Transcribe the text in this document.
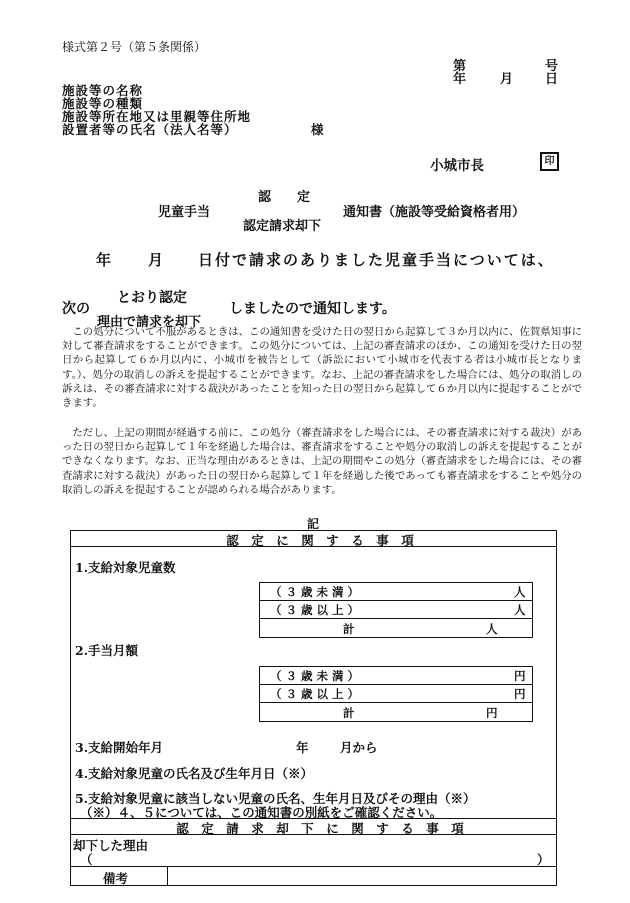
様式第２号（第５条関係）
第	号
年	月 日
施設等の名称
施設等の種類
施設等所在地又は里親等住所地
設置者等の氏名（法人名等）	様
小城市長	印
認　　定
児童手当	通知書（施設等受給資格者用）
認定請求却下
年 月 日付で請求のありました児童手当については、
とおり認定
次の	しましたので通知します。
理由で請求を却下

この処分について不服があるときは、この通知書を受けた日の翌日から起算して３か月以内に、佐賀県知事に対して審査請求をすることができます。この処分については、上記の審査請求のほか、この通知を受けた日の翌日から起算して６か月以内に、小城市を被告として（訴訟において小城市を代表する者は小城市長となります。）、処分の取消しの訴えを提起することができます。なお、上記の審査請求をした場合には、処分の取消しの訴えは、その審査請求に対する裁決があったことを知った日の翌日から起算して６か月以内に提起することができます。

ただし、上記の期間が経過する前に、この処分（審査請求をした場合には、その審査請求に対する裁決）があった日の翌日から起算して１年を経過した場合は、審査請求をすることや処分の取消しの訴えを提起することができなくなります。なお、正当な理由があるときは、上記の期間やこの処分（審査請求をした場合には、その審査請求に対する裁決）があった日の翌日から起算して１年を経過した後であっても審査請求をすることや処分の取消しの訴えを提起することが認められる場合があります。

記
認　定　に　関　す　る　事　項
1.支給対象児童数
（ ３ 歳 未 満 ）	人
（ ３ 歳 以 上 ）	人
計	人
2.手当月額
（ ３ 歳 未 満 ）	円
（ ３ 歳 以 上 ）	円
計	円
3.支給開始年月	年	月から
4.支給対象児童の氏名及び生年月日（※）
5.支給対象児童に該当しない児童の氏名、生年月日及びその理由（※）
（※）４、５については、この通知書の別紙をご確認ください。
認　定　請　求　却　下　に　関　す　る　事　項
却下した理由
（	）
備考
